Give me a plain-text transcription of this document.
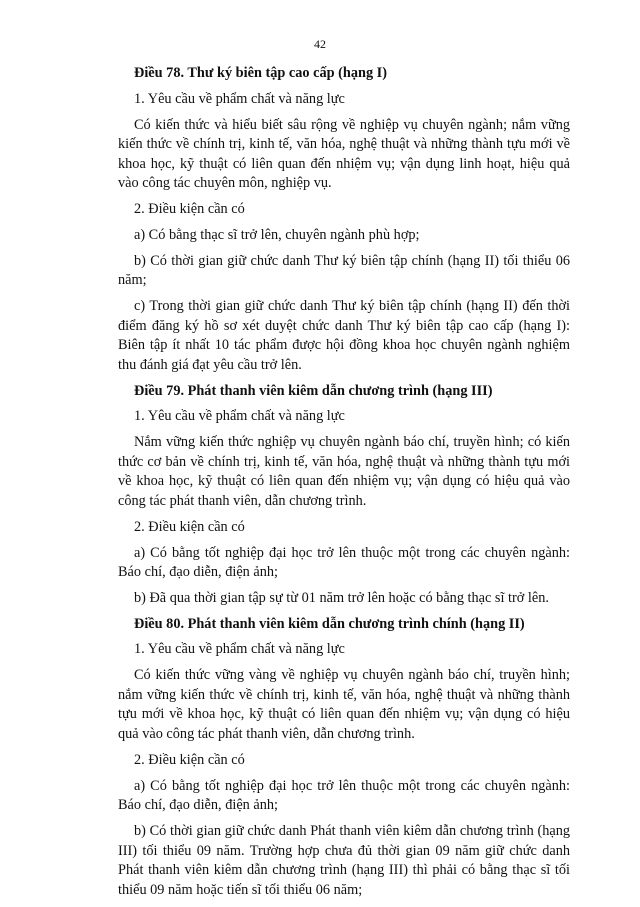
42

Điều 78. Thư ký biên tập cao cấp (hạng I)

1. Yêu cầu về phẩm chất và năng lực

Có kiến thức và hiểu biết sâu rộng về nghiệp vụ chuyên ngành; nắm vững kiến thức về chính trị, kinh tế, văn hóa, nghệ thuật và những thành tựu mới về khoa học, kỹ thuật có liên quan đến nhiệm vụ; vận dụng linh hoạt, hiệu quả vào công tác chuyên môn, nghiệp vụ.

2. Điều kiện cần có

a) Có bằng thạc sĩ trở lên, chuyên ngành phù hợp;

b) Có thời gian giữ chức danh Thư ký biên tập chính (hạng II) tối thiểu 06 năm;

c) Trong thời gian giữ chức danh Thư ký biên tập chính (hạng II) đến thời điểm đăng ký hồ sơ xét duyệt chức danh Thư ký biên tập cao cấp (hạng I): Biên tập ít nhất 10 tác phẩm được hội đồng khoa học chuyên ngành nghiệm thu đánh giá đạt yêu cầu trở lên.

Điều 79. Phát thanh viên kiêm dẫn chương trình (hạng III)

1. Yêu cầu về phẩm chất và năng lực

Nắm vững kiến thức nghiệp vụ chuyên ngành báo chí, truyền hình; có kiến thức cơ bản về chính trị, kinh tế, văn hóa, nghệ thuật và những thành tựu mới về khoa học, kỹ thuật có liên quan đến nhiệm vụ; vận dụng có hiệu quả vào công tác phát thanh viên, dẫn chương trình.

2. Điều kiện cần có

a) Có bằng tốt nghiệp đại học trở lên thuộc một trong các chuyên ngành: Báo chí, đạo diễn, điện ảnh;

b) Đã qua thời gian tập sự từ 01 năm trở lên hoặc có bằng thạc sĩ trở lên.

Điều 80. Phát thanh viên kiêm dẫn chương trình chính (hạng II)

1. Yêu cầu về phẩm chất và năng lực

Có kiến thức vững vàng về nghiệp vụ chuyên ngành báo chí, truyền hình; nắm vững kiến thức về chính trị, kinh tế, văn hóa, nghệ thuật và những thành tựu mới về khoa học, kỹ thuật có liên quan đến nhiệm vụ; vận dụng có hiệu quả vào công tác phát thanh viên, dẫn chương trình.

2. Điều kiện cần có

a) Có bằng tốt nghiệp đại học trở lên thuộc một trong các chuyên ngành: Báo chí, đạo diễn, điện ảnh;

b) Có thời gian giữ chức danh Phát thanh viên kiêm dẫn chương trình (hạng III) tối thiểu 09 năm. Trường hợp chưa đủ thời gian 09 năm giữ chức danh Phát thanh viên kiêm dẫn chương trình (hạng III) thì phải có bằng thạc sĩ tối thiểu 09 năm hoặc tiến sĩ tối thiểu 06 năm;
